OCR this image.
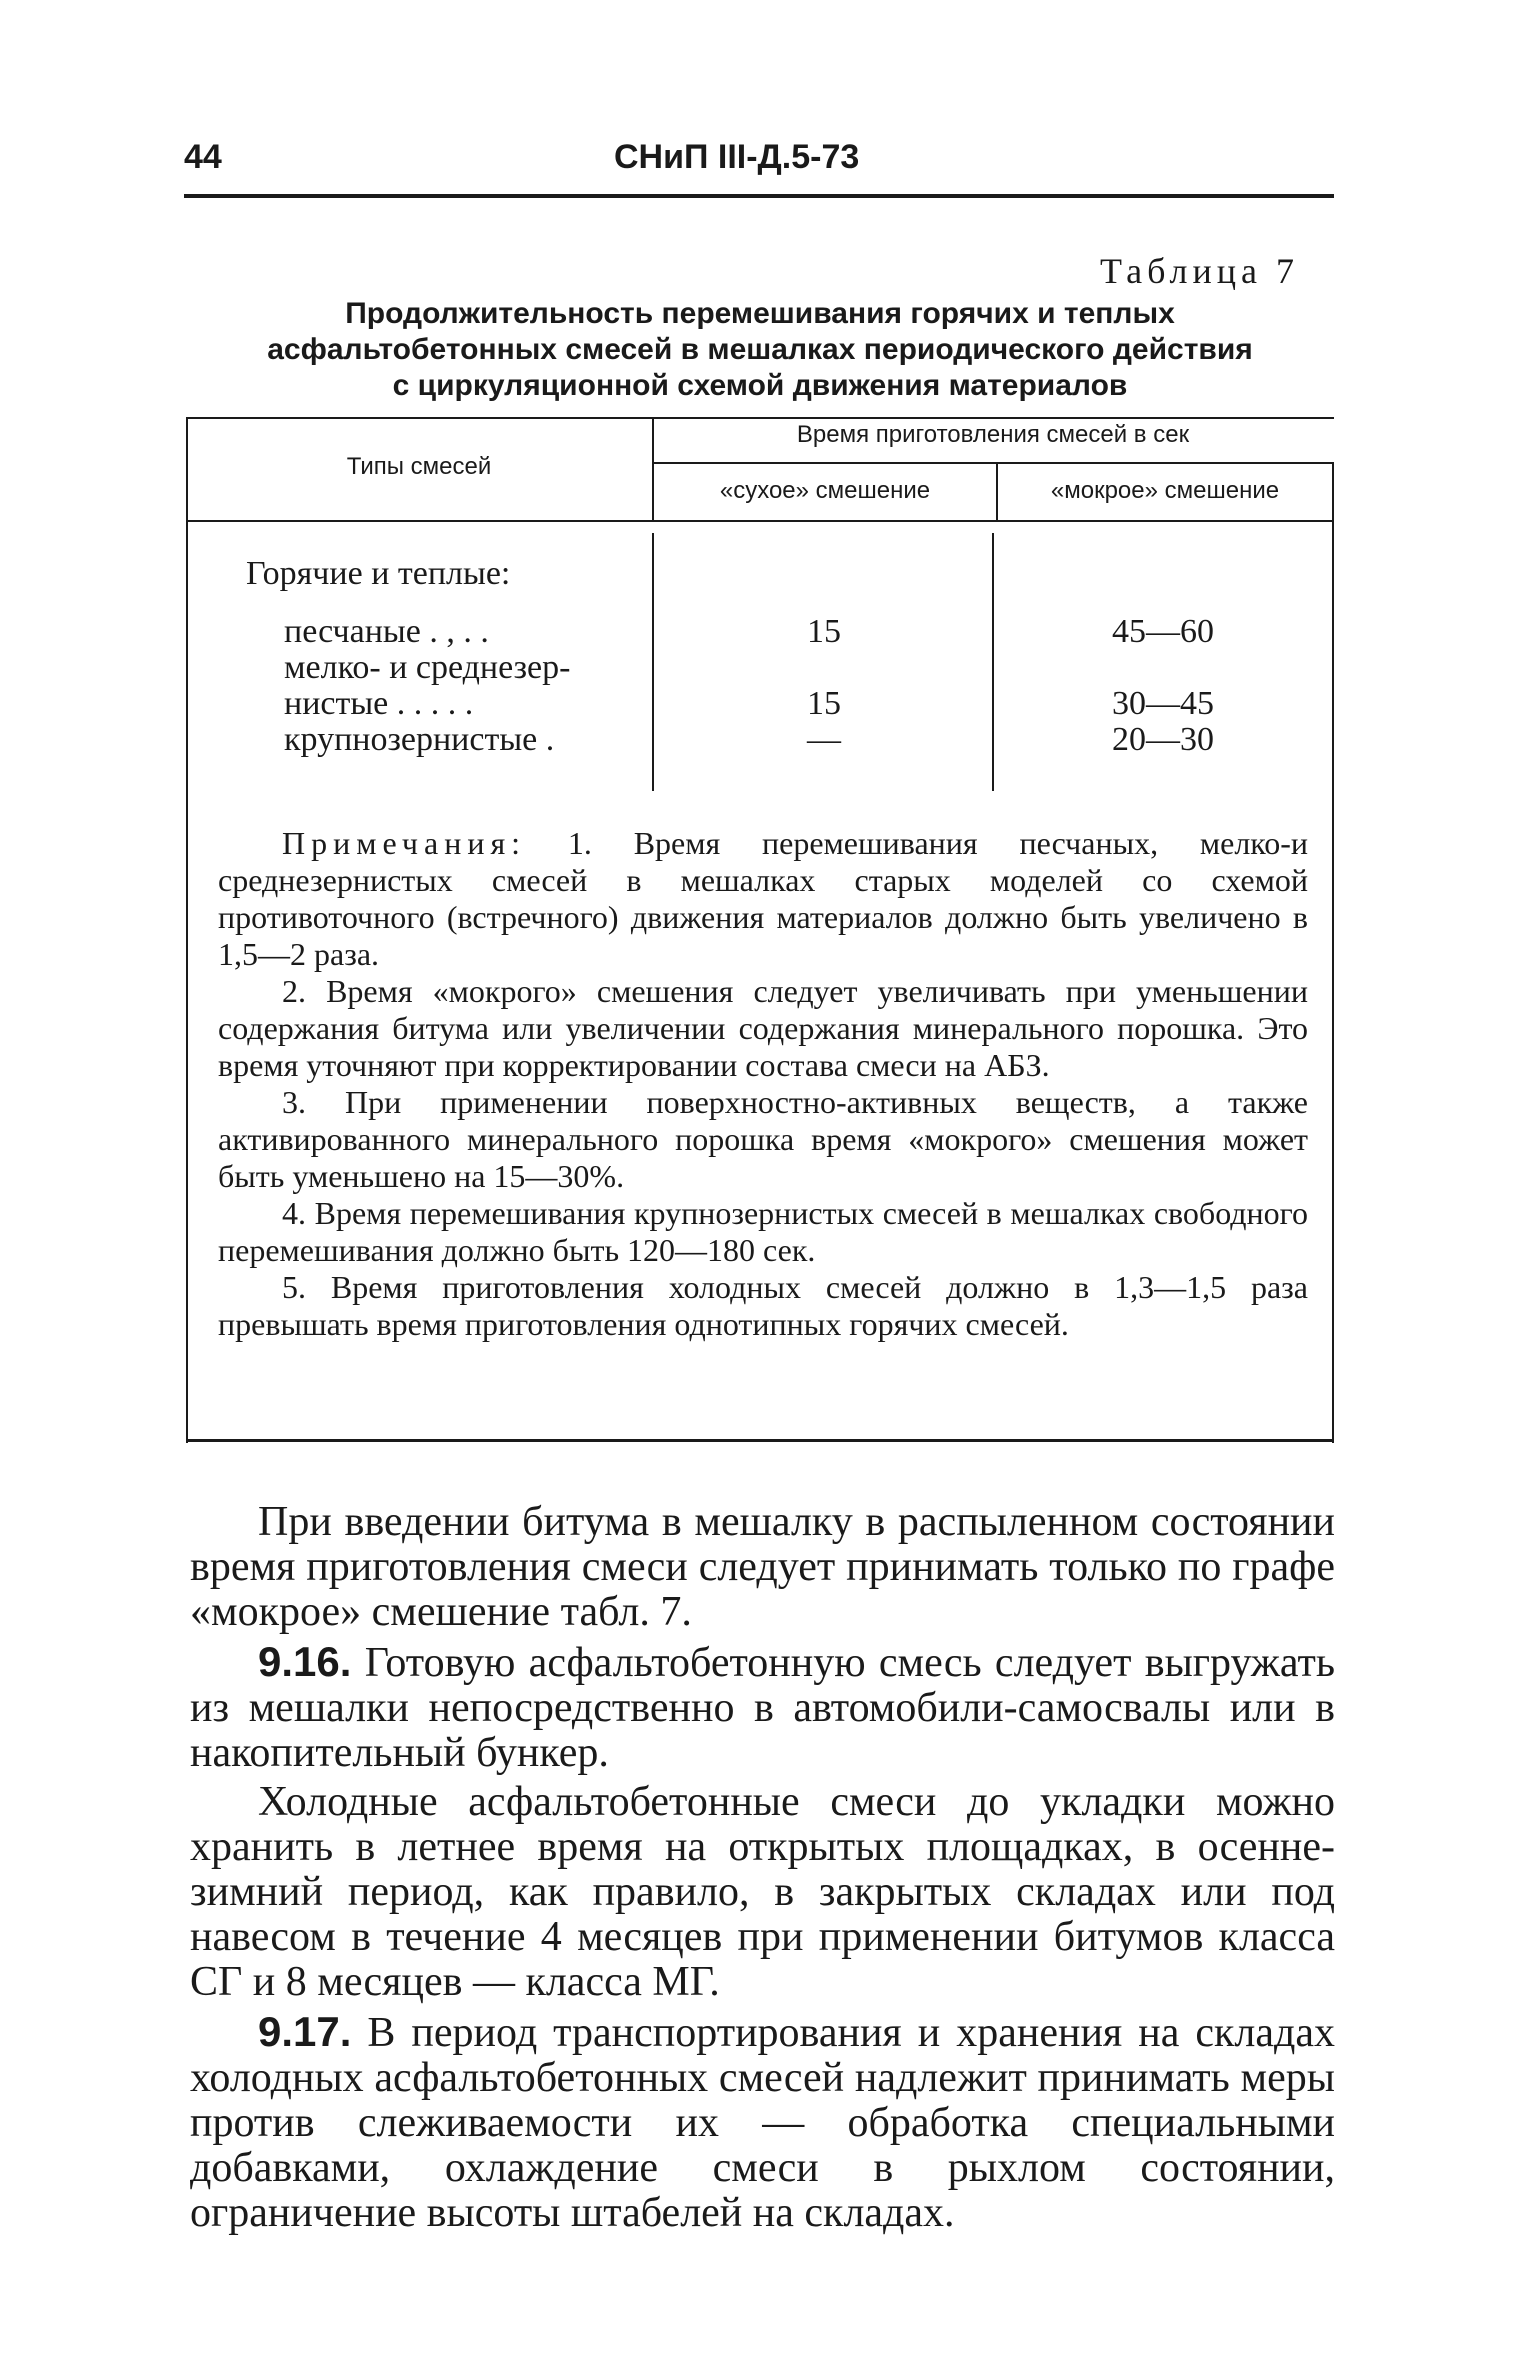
44	СНиП III-Д.5-73
Таблица 7
Продолжительность перемешивания горячих и теплых
асфальтобетонных смесей в мешалках периодического действия
с циркуляционной схемой движения материалов
Типы смесей
Время приготовления смесей в сек
«сухое» смешение	«мокрое» смешение
Горячие и теплые:
песчаные . , . .	15	45—60
мелко- и среднезер-
нистые . . . . .	15	30—45
крупнозернистые .	—	20—30

Примечания: 1. Время перемешивания песчаных, мелко-и среднезернистых смесей в мешалках старых моделей со схемой противоточного (встречного) движения материалов должно быть увеличено в 1,5—2 раза.

2. Время «мокрого» смешения следует увеличивать при уменьшении содержания битума или увеличении содержания минерального порошка. Это время уточняют при корректировании состава смеси на АБЗ.

3. При применении поверхностно-активных веществ, а также активированного минерального порошка время «мокрого» смешения может быть уменьшено на 15—30%.

4. Время перемешивания крупнозернистых смесей в мешалках свободного перемешивания должно быть 120—180 сек.

5. Время приготовления холодных смесей должно в 1,3—1,5 раза превышать время приготовления однотипных горячих смесей.

При введении битума в мешалку в распыленном состоянии время приготовления смеси следует принимать только по графе «мокрое» смешение табл. 7.

9.16. Готовую асфальтобетонную смесь следует выгружать из мешалки непосредственно в автомобили-самосвалы или в накопительный бункер.

Холодные асфальтобетонные смеси до укладки можно хранить в летнее время на открытых площадках, в осенне-зимний период, как правило, в закрытых складах или под навесом в течение 4 месяцев при применении битумов класса СГ и 8 месяцев — класса МГ.

9.17. В период транспортирования и хранения на складах холодных асфальтобетонных смесей надлежит принимать меры против слеживаемости их — обработка специальными добавками, охлаждение смеси в рыхлом состоянии, ограничение высоты штабелей на складах.
